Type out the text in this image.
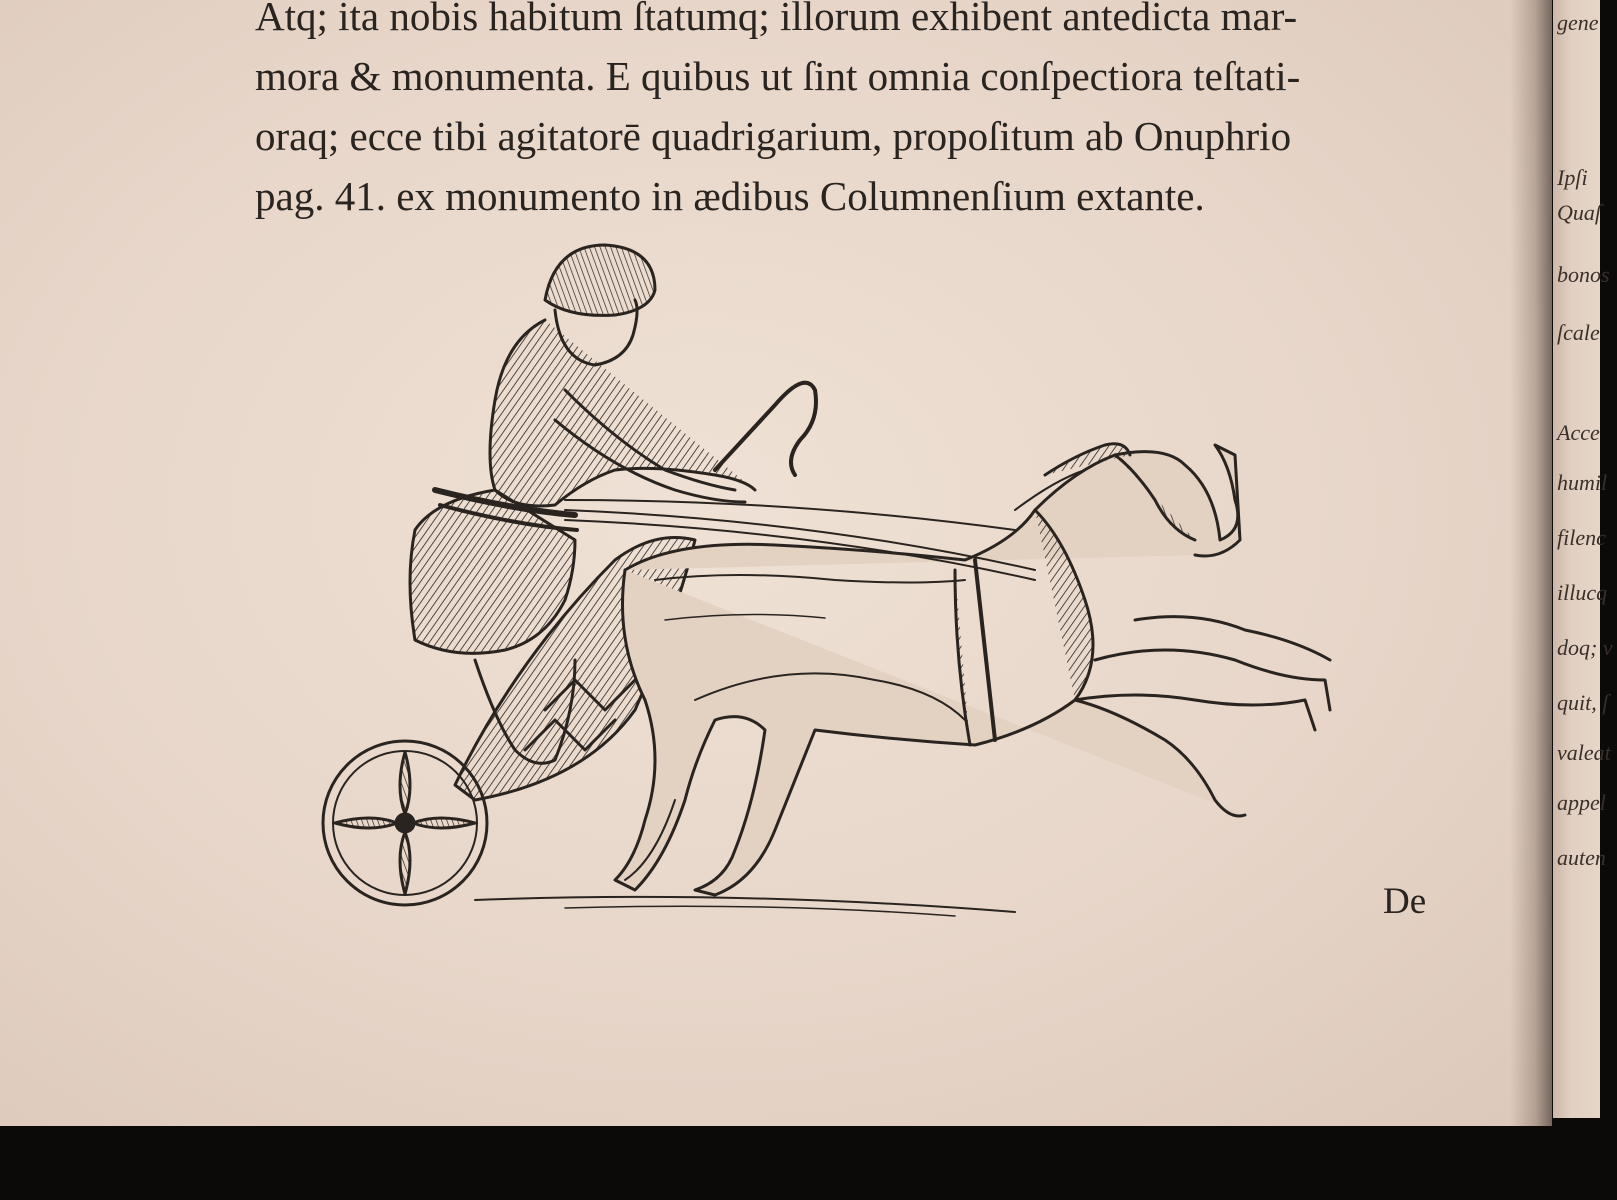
Atq; ita nobis habitum ſtatumq; illorum exhibent antedicta mar-
mora & monumenta. E quibus ut ſint omnia conſpectiora teſtati-
oraq; ecce tibi agitatorē quadrigarium, propoſitum ab Onuphrio
pag. 41. ex monumento in ædibus Columnenſium extante.
De
gene
Ipſi
Quaſ
bonos
ſcale
Acce
humil
filenc
illucq
doq; v
quit, ſ
valeat
appel
auten
